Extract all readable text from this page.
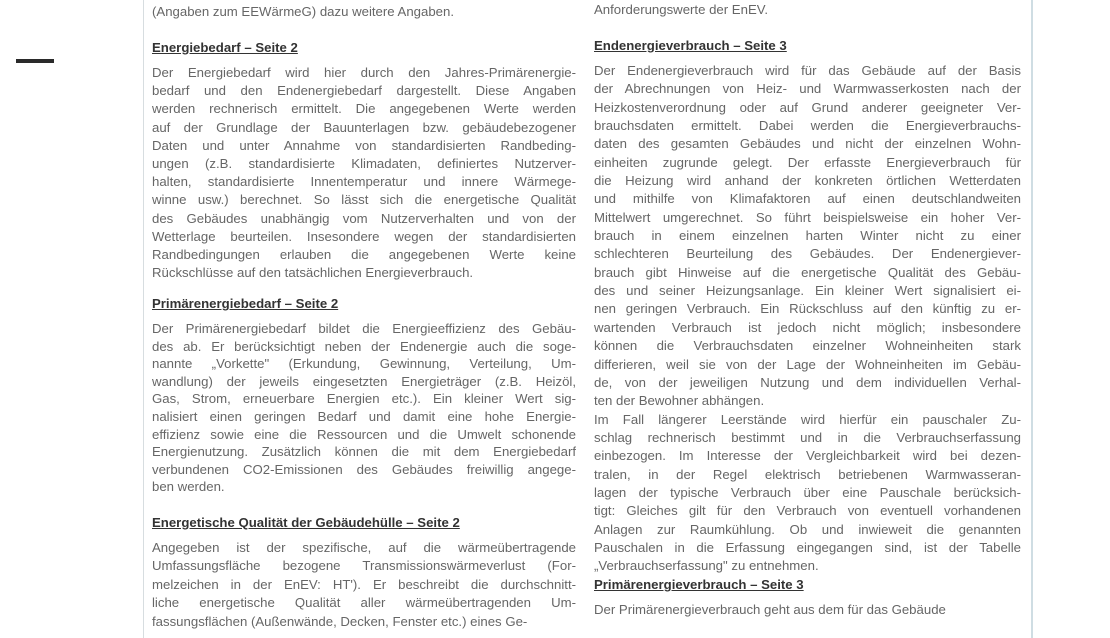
(Angaben zum EEWärmeG) dazu weitere Angaben.
Energiebedarf – Seite 2
Der Energiebedarf wird hier durch den Jahres-Primärenergie-
bedarf und den Endenergiebedarf dargestellt. Diese Angaben
werden rechnerisch ermittelt. Die angegebenen Werte werden
auf der Grundlage der Bauunterlagen bzw. gebäudebezogener
Daten und unter Annahme von standardisierten Randbeding-
ungen (z.B. standardisierte Klimadaten, definiertes Nutzerver-
halten, standardisierte Innentemperatur und innere Wärmege-
winne usw.) berechnet. So lässt sich die energetische Qualität
des Gebäudes unabhängig vom Nutzerverhalten und von der
Wetterlage beurteilen. Insesondere wegen der standardisierten
Randbedingungen erlauben die angegebenen Werte keine
Rückschlüsse auf den tatsächlichen Energieverbrauch.
Primärenergiebedarf – Seite 2
Der Primärenergiebedarf bildet die Energieeffizienz des Gebäu-
des ab. Er berücksichtigt neben der Endenergie auch die soge-
nannte „Vorkette" (Erkundung, Gewinnung, Verteilung, Um-
wandlung) der jeweils eingesetzten Energieträger (z.B. Heizöl,
Gas, Strom, erneuerbare Energien etc.). Ein kleiner Wert sig-
nalisiert einen geringen Bedarf und damit eine hohe Energie-
effizienz sowie eine die Ressourcen und die Umwelt schonende
Energienutzung. Zusätzlich können die mit dem Energiebedarf
verbundenen CO2-Emissionen des Gebäudes freiwillig angege-
ben werden.
Energetische Qualität der Gebäudehülle – Seite 2
Angegeben ist der spezifische, auf die wärmeübertragende
Umfassungsfläche bezogene Transmissionswärmeverlust (For-
melzeichen in der EnEV: HT'). Er beschreibt die durchschnitt-
liche energetische Qualität aller wärmeübertragenden Um-
fassungsflächen (Außenwände, Decken, Fenster etc.) eines Ge-
Anforderungswerte der EnEV.
Endenergieverbrauch – Seite 3
Der Endenergieverbrauch wird für das Gebäude auf der Basis
der Abrechnungen von Heiz- und Warmwasserkosten nach der
Heizkostenverordnung oder auf Grund anderer geeigneter Ver-
brauchsdaten ermittelt. Dabei werden die Energieverbrauchs-
daten des gesamten Gebäudes und nicht der einzelnen Wohn-
einheiten zugrunde gelegt. Der erfasste Energieverbrauch für
die Heizung wird anhand der konkreten örtlichen Wetterdaten
und mithilfe von Klimafaktoren auf einen deutschlandweiten
Mittelwert umgerechnet. So führt beispielsweise ein hoher Ver-
brauch in einem einzelnen harten Winter nicht zu einer
schlechteren Beurteilung des Gebäudes. Der Endenergiever-
brauch gibt Hinweise auf die energetische Qualität des Gebäu-
des und seiner Heizungsanlage. Ein kleiner Wert signalisiert ei-
nen geringen Verbrauch. Ein Rückschluss auf den künftig zu er-
wartenden Verbrauch ist jedoch nicht möglich; insbesondere
können die Verbrauchsdaten einzelner Wohneinheiten stark
differieren, weil sie von der Lage der Wohneinheiten im Gebäu-
de, von der jeweiligen Nutzung und dem individuellen Verhal-
ten der Bewohner abhängen.
Im Fall längerer Leerstände wird hierfür ein pauschaler Zu-
schlag rechnerisch bestimmt und in die Verbrauchserfassung
einbezogen. Im Interesse der Vergleichbarkeit wird bei dezen-
tralen, in der Regel elektrisch betriebenen Warmwasseran-
lagen der typische Verbrauch über eine Pauschale berücksich-
tigt: Gleiches gilt für den Verbrauch von eventuell vorhandenen
Anlagen zur Raumkühlung. Ob und inwieweit die genannten
Pauschalen in die Erfassung eingegangen sind, ist der Tabelle
„Verbrauchserfassung" zu entnehmen.
Primärenergieverbrauch – Seite 3
Der Primärenergieverbrauch geht aus dem für das Gebäude
